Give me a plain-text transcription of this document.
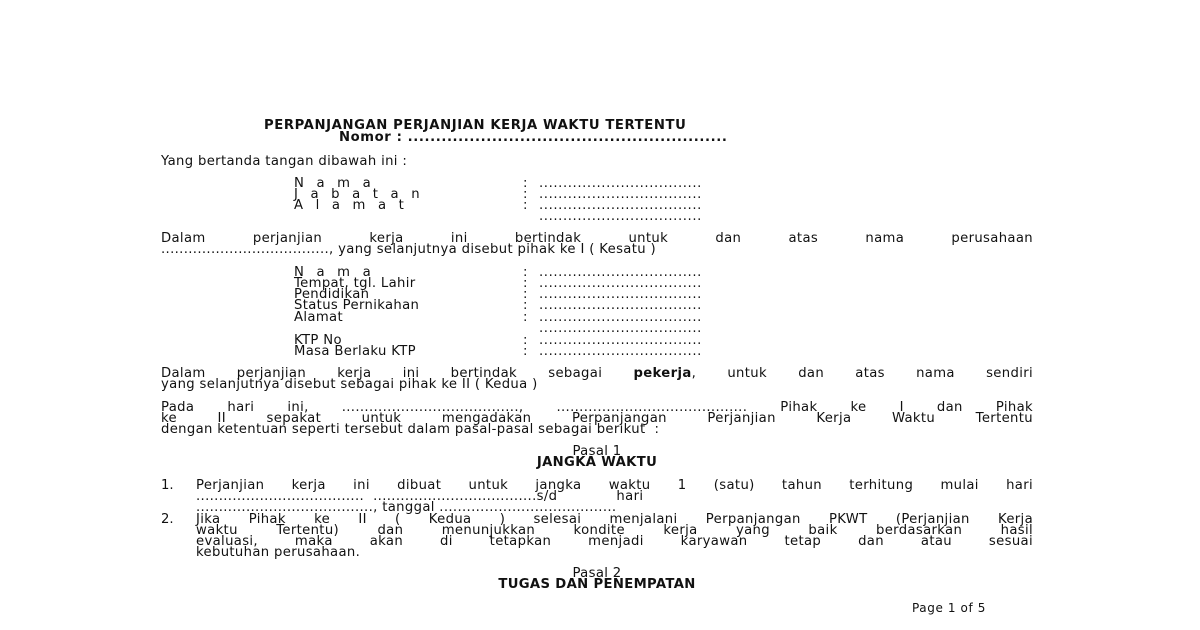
PERPANJANGAN PERJANJIAN KERJA WAKTU TERTENTU
Nomor : .........................................................
Yang bertanda tangan dibawah ini :
N a m a	: ..................................
J a b a t a n	: ..................................
A l a m a t	: ..................................
..................................
Dalam perjanjian kerja ini bertindak untuk dan atas nama perusahaan
....................................., yang selanjutnya disebut pihak ke I ( Kesatu )
N a m a	: ..................................
Tempat, tgl. Lahir	: ..................................
Pendidikan	: ..................................
Status Pernikahan	: ..................................
Alamat	: ..................................
..................................
KTP No	: ..................................
Masa Berlaku KTP	: ..................................
Dalam perjanjian kerja ini bertindak sebagai pekerja, untuk dan atas nama sendiri
yang selanjutnya disebut sebagai pihak ke II ( Kedua )
Pada hari ini, ......................................., .......................................... Pihak ke I dan Pihak
ke II sepakat untuk mengadakan Perpanjangan Perjanjian Kerja Waktu Tertentu
dengan ketentuan seperti tersebut dalam pasal-pasal sebagai berikut  :
Pasal 1
JANGKA WAKTU
1. Perjanjian kerja ini dibuat untuk jangka waktu 1 (satu) tahun terhitung mulai hari
.....................................  ....................................s/d             hari
......................................., tanggal .......................................
2. Jika Pihak ke II ( Kedua ) selesai menjalani Perpanjangan PKWT (Perjanjian Kerja
waktu Tertentu) dan menunjukkan kondite kerja yang baik berdasarkan hasil
evaluasi, maka akan di tetapkan menjadi karyawan tetap dan atau sesuai
kebutuhan perusahaan.
Pasal 2
TUGAS DAN PENEMPATAN
Page 1 of 5
